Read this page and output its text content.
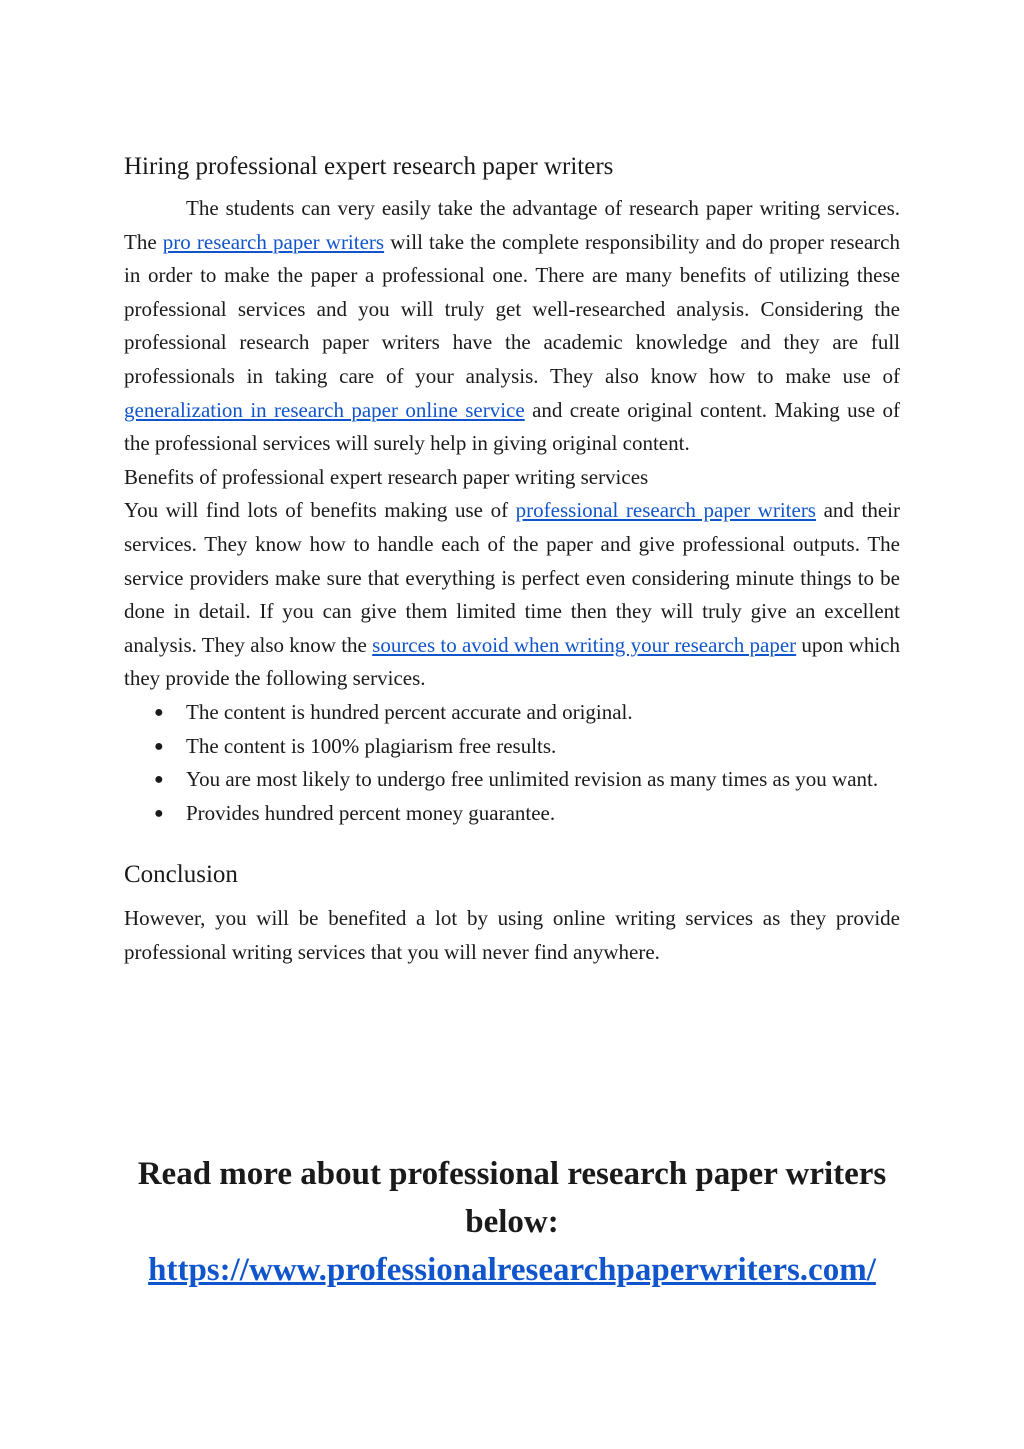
Hiring professional expert research paper writers

The students can very easily take the advantage of research paper writing services. The pro research paper writers will take the complete responsibility and do proper research in order to make the paper a professional one. There are many benefits of utilizing these professional services and you will truly get well-researched analysis. Considering the professional research paper writers have the academic knowledge and they are full professionals in taking care of your analysis. They also know how to make use of generalization in research paper online service and create original content. Making use of the professional services will surely help in giving original content.

Benefits of professional expert research paper writing services

You will find lots of benefits making use of professional research paper writers and their services. They know how to handle each of the paper and give professional outputs. The service providers make sure that everything is perfect even considering minute things to be done in detail. If you can give them limited time then they will truly give an excellent analysis. They also know the sources to avoid when writing your research paper upon which they provide the following services.

● The content is hundred percent accurate and original.
● The content is 100% plagiarism free results.
● You are most likely to undergo free unlimited revision as many times as you want.
● Provides hundred percent money guarantee.
Conclusion

However, you will be benefited a lot by using online writing services as they provide professional writing services that you will never find anywhere.

Read more about professional research paper writers below:
https://www.professionalresearchpaperwriters.com/
